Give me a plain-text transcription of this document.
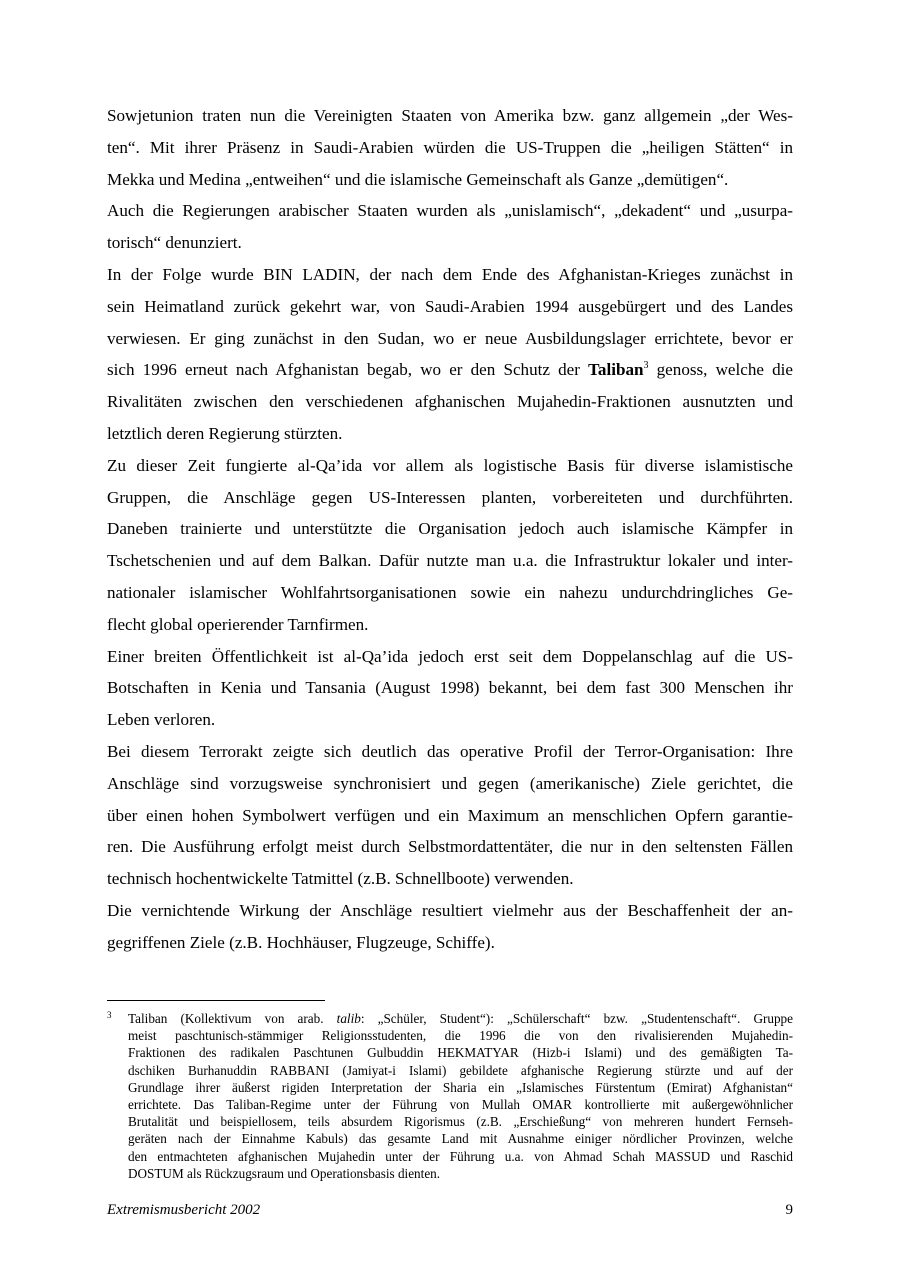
Sowjetunion traten nun die Vereinigten Staaten von Amerika bzw. ganz allgemein „der Wes-
ten“. Mit ihrer Präsenz in Saudi-Arabien würden die US-Truppen die „heiligen Stätten“ in
Mekka und Medina „entweihen“ und die islamische Gemeinschaft als Ganze „demütigen“.

Auch die Regierungen arabischer Staaten wurden als „unislamisch“, „dekadent“ und „usurpa-
torisch“ denunziert.

In der Folge wurde BIN LADIN, der nach dem Ende des Afghanistan-Krieges zunächst in
sein Heimatland zurück gekehrt war, von Saudi-Arabien 1994 ausgebürgert und des Landes
verwiesen. Er ging zunächst in den Sudan, wo er neue Ausbildungslager errichtete, bevor er
sich 1996 erneut nach Afghanistan begab, wo er den Schutz der Taliban$^3$ genoss, welche die
Rivalitäten zwischen den verschiedenen afghanischen Mujahedin-Fraktionen ausnutzten und
letztlich deren Regierung stürzten.

Zu dieser Zeit fungierte al-Qa’ida vor allem als logistische Basis für diverse islamistische
Gruppen, die Anschläge gegen US-Interessen planten, vorbereiteten und durchführten.
Daneben trainierte und unterstützte die Organisation jedoch auch islamische Kämpfer in
Tschetschenien und auf dem Balkan. Dafür nutzte man u.a. die Infrastruktur lokaler und inter-
nationaler islamischer Wohlfahrtsorganisationen sowie ein nahezu undurchdringliches Ge-
flecht global operierender Tarnfirmen.

Einer breiten Öffentlichkeit ist al-Qa’ida jedoch erst seit dem Doppelanschlag auf die US-
Botschaften in Kenia und Tansania (August 1998) bekannt, bei dem fast 300 Menschen ihr
Leben verloren.

Bei diesem Terrorakt zeigte sich deutlich das operative Profil der Terror-Organisation: Ihre
Anschläge sind vorzugsweise synchronisiert und gegen (amerikanische) Ziele gerichtet, die
über einen hohen Symbolwert verfügen und ein Maximum an menschlichen Opfern garantie-
ren. Die Ausführung erfolgt meist durch Selbstmordattentäter, die nur in den seltensten Fällen
technisch hochentwickelte Tatmittel (z.B. Schnellboote) verwenden.

Die vernichtende Wirkung der Anschläge resultiert vielmehr aus der Beschaffenheit der an-
gegriffenen Ziele (z.B. Hochhäuser, Flugzeuge, Schiffe).

3 Taliban (Kollektivum von arab. talib: „Schüler, Student“): „Schülerschaft“ bzw. „Studentenschaft“. Gruppe
meist paschtunisch-stämmiger Religionsstudenten, die 1996 die von den rivalisierenden Mujahedin-
Fraktionen des radikalen Paschtunen Gulbuddin HEKMATYAR (Hizb-i Islami) und des gemäßigten Ta-
dschiken Burhanuddin RABBANI (Jamiyat-i Islami) gebildete afghanische Regierung stürzte und auf der
Grundlage ihrer äußerst rigiden Interpretation der Sharia ein „Islamisches Fürstentum (Emirat) Afghanistan“
errichtete. Das Taliban-Regime unter der Führung von Mullah OMAR kontrollierte mit außergewöhnlicher
Brutalität und beispiellosem, teils absurdem Rigorismus (z.B. „Erschießung“ von mehreren hundert Fernseh-
geräten nach der Einnahme Kabuls) das gesamte Land mit Ausnahme einiger nördlicher Provinzen, welche
den entmachteten afghanischen Mujahedin unter der Führung u.a. von Ahmad Schah MASSUD und Raschid
DOSTUM als Rückzugsraum und Operationsbasis dienten.
Extremismusbericht 2002	9
